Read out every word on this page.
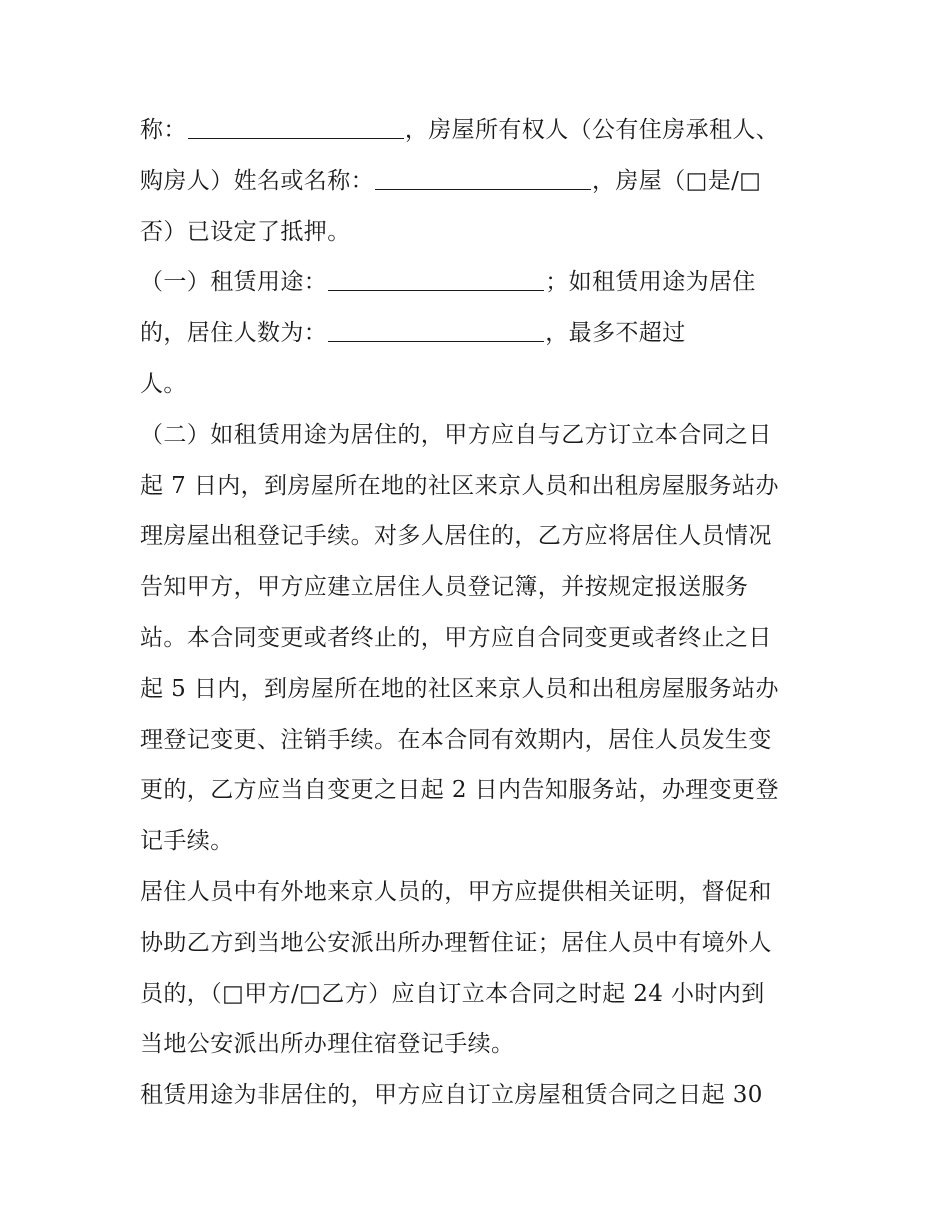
称：	，房屋所有权人（公有住房承租人、
购房人）姓名或名称：	，房屋（□是/□
否）已设定了抵押。
（一）租赁用途：	；如租赁用途为居住
的，居住人数为：	，最多不超过
人。
（二）如租赁用途为居住的，甲方应自与乙方订立本合同之日
起 7 日内，到房屋所在地的社区来京人员和出租房屋服务站办
理房屋出租登记手续。对多人居住的，乙方应将居住人员情况
告知甲方，甲方应建立居住人员登记簿，并按规定报送服务
站。本合同变更或者终止的，甲方应自合同变更或者终止之日
起 5 日内，到房屋所在地的社区来京人员和出租房屋服务站办
理登记变更、注销手续。在本合同有效期内，居住人员发生变
更的，乙方应当自变更之日起 2 日内告知服务站，办理变更登
记手续。
居住人员中有外地来京人员的，甲方应提供相关证明，督促和
协助乙方到当地公安派出所办理暂住证；居住人员中有境外人
员的，（□甲方/□乙方）应自订立本合同之时起 24 小时内到
当地公安派出所办理住宿登记手续。
租赁用途为非居住的，甲方应自订立房屋租赁合同之日起 30
